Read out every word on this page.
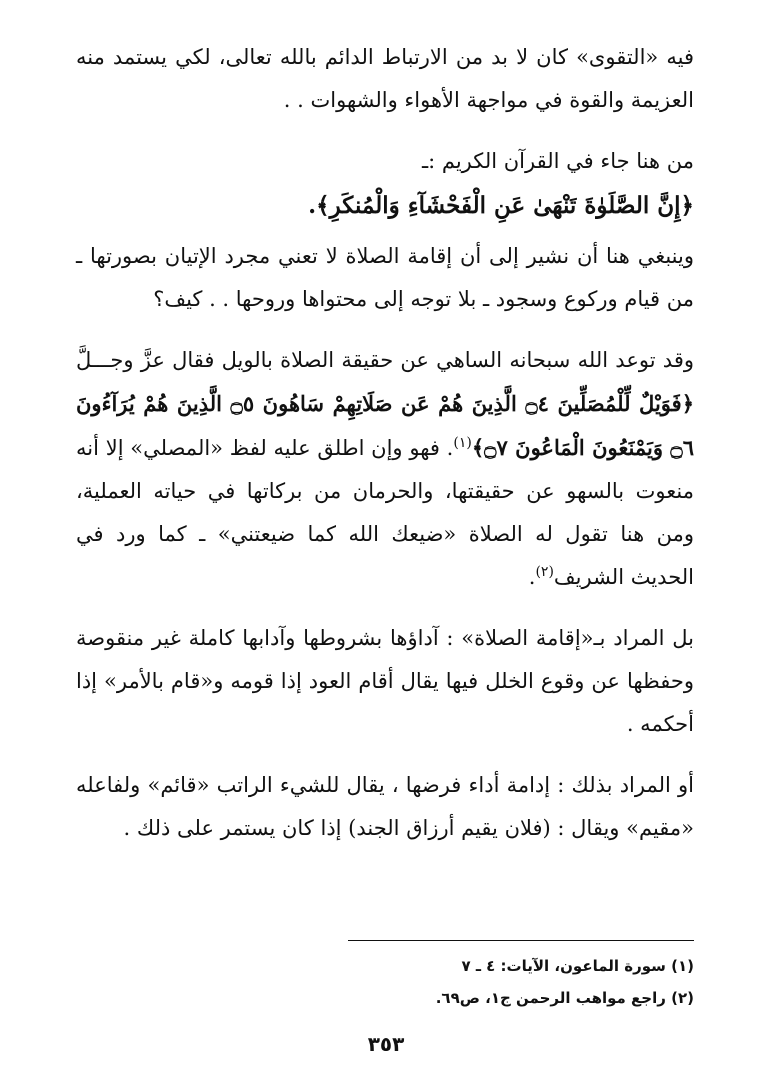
فيه «التقوى» كان لا بد من الارتباط الدائم بالله تعالى، لكي يستمد منه العزيمة والقوة في مواجهة الأهواء والشهوات . .

من هنا جاء في القرآن الكريم :ـ

﴿إِنَّ الصَّلَوٰةَ تَنْهَىٰ عَنِ الْفَحْشَآءِ وَالْمُنكَرِ﴾.

وينبغي هنا أن نشير إلى أن إقامة الصلاة لا تعني مجرد الإتيان بصورتها ـ من قيام وركوع وسجود ـ بلا توجه إلى محتواها وروحها . . كيف؟

وقد توعد الله سبحانه الساهي عن حقيقة الصلاة بالويل فقال عزَّ وجـــلَّ ﴿فَوَيْلٌ لِّلْمُصَلِّينَ ۝٤ الَّذِينَ هُمْ عَن صَلَاتِهِمْ سَاهُونَ ۝٥ الَّذِينَ هُمْ يُرَآءُونَ ۝٦ وَيَمْنَعُونَ الْمَاعُونَ ۝٧﴾$^{(١)}$. فهو وإن اطلق عليه لفظ «المصلي» إلا أنه منعوت بالسهو عن حقيقتها، والحرمان من بركاتها في حياته العملية، ومن هنا تقول له الصلاة «ضيعك الله كما ضيعتني» ـ كما ورد في الحديث الشريف$^{(٢)}$.

بل المراد بـ«إقامة الصلاة» : آداؤها بشروطها وآدابها كاملة غير منقوصة وحفظها عن وقوع الخلل فيها يقال أقام العود إذا قومه و«قام بالأمر» إذا أحكمه .

أو المراد بذلك : إدامة أداء فرضها ، يقال للشيء الراتب «قائم» ولفاعله «مقيم» ويقال : (فلان يقيم أرزاق الجند) إذا كان يستمر على ذلك .

(١) سورة الماعون، الآيات: ٤ ـ ٧
(٢) راجع مواهب الرحمن ج١، ص٦٩.
٣٥٣
